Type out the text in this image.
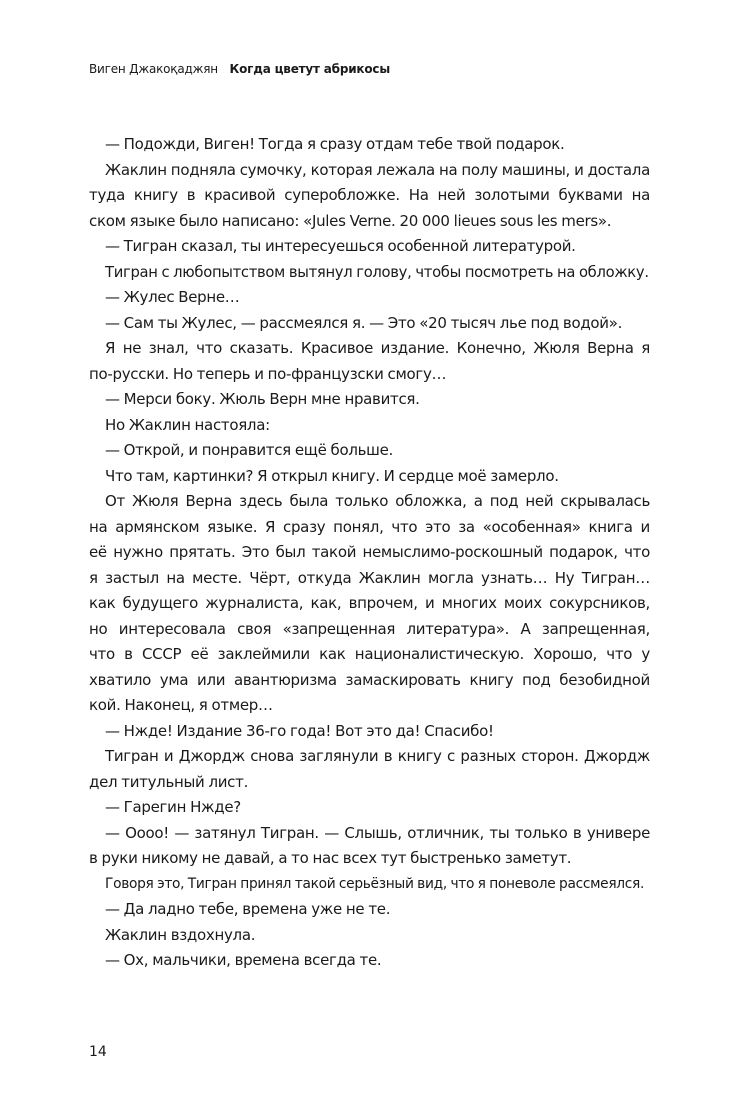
Виген Джакоқаджян Когда цветут абрикосы
— Подожди, Виген! Тогда я сразу отдам тебе твой подарок.
Жаклин подняла сумочку, которая лежала на полу машины, и достала
туда книгу в красивой суперобложке. На ней золотыми буквами на
ском языке было написано: «Jules Verne. 20 000 lieues sous les mers».
— Тигран сказал, ты интересуешься особенной литературой.
Тигран с любопытством вытянул голову, чтобы посмотреть на обложку.
— Жулес Верне…
— Сам ты Жулес, — рассмеялся я. — Это «20 тысяч лье под водой».
Я не знал, что сказать. Красивое издание. Конечно, Жюля Верна я
по-русски. Но теперь и по-французски смогу…
— Мерси боку. Жюль Верн мне нравится.
Но Жаклин настояла:
— Открой, и понравится ещё больше.
Что там, картинки? Я открыл книгу. И сердце моё замерло.
От Жюля Верна здесь была только обложка, а под ней скрывалась
на армянском языке. Я сразу понял, что это за «особенная» книга и
её нужно прятать. Это был такой немыслимо-роскошный подарок, что
я застыл на месте. Чёрт, откуда Жаклин могла узнать… Ну Тигран…
как будущего журналиста, как, впрочем, и многих моих сокурсников,
но интересовала своя «запрещенная литература». А запрещенная,
что в СССР её заклеймили как националистическую. Хорошо, что у
хватило ума или авантюризма замаскировать книгу под безобидной
кой. Наконец, я отмер…
— Нжде! Издание 36-го года! Вот это да! Спасибо!
Тигран и Джордж снова заглянули в книгу с разных сторон. Джордж
дел титульный лист.
— Гарегин Нжде?
— Оооо! — затянул Тигран. — Слышь, отличник, ты только в универе
в руки никому не давай, а то нас всех тут быстренько заметут.
Говоря это, Тигран принял такой серьёзный вид, что я поневоле рассмеялся.
— Да ладно тебе, времена уже не те.
Жаклин вздохнула.
— Ох, мальчики, времена всегда те.
14
